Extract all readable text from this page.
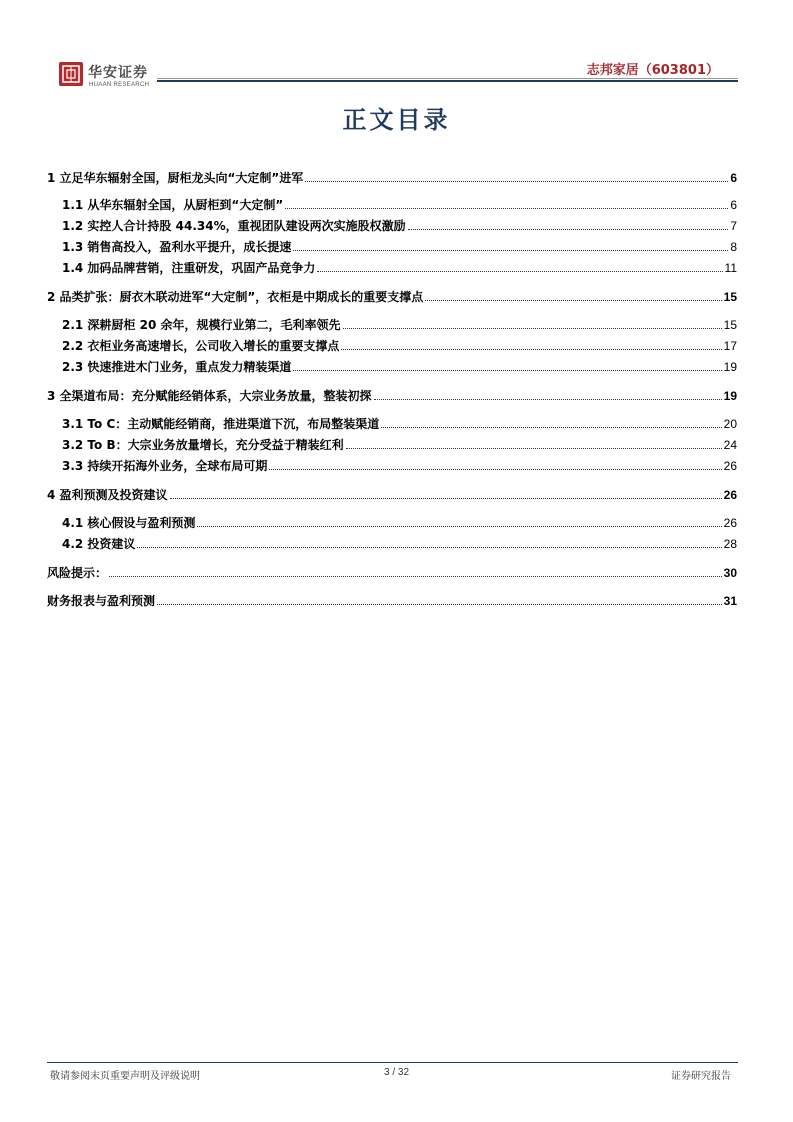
华安证券
HUAAN RESEARCH
志邦家居（603801）
正文目录
1 立足华东辐射全国，厨柜龙头向“大定制”进军	6
1.1 从华东辐射全国，从厨柜到“大定制”	6
1.2 实控人合计持股 44.34%，重视团队建设两次实施股权激励	7
1.3 销售高投入，盈利水平提升，成长提速	8
1.4 加码品牌营销，注重研发，巩固产品竞争力	11
2 品类扩张：厨衣木联动进军“大定制”，衣柜是中期成长的重要支撑点	15
2.1 深耕厨柜 20 余年，规模行业第二，毛利率领先	15
2.2 衣柜业务高速增长，公司收入增长的重要支撑点	17
2.3 快速推进木门业务，重点发力精装渠道	19
3 全渠道布局：充分赋能经销体系，大宗业务放量，整装初探	19
3.1 To C：主动赋能经销商，推进渠道下沉，布局整装渠道	20
3.2 To B：大宗业务放量增长，充分受益于精装红利	24
3.3 持续开拓海外业务，全球布局可期	26
4 盈利预测及投资建议	26
4.1 核心假设与盈利预测	26
4.2 投资建议	28
风险提示：	30
财务报表与盈利预测	31
敬请参阅末页重要声明及评级说明	3 / 32	证券研究报告
